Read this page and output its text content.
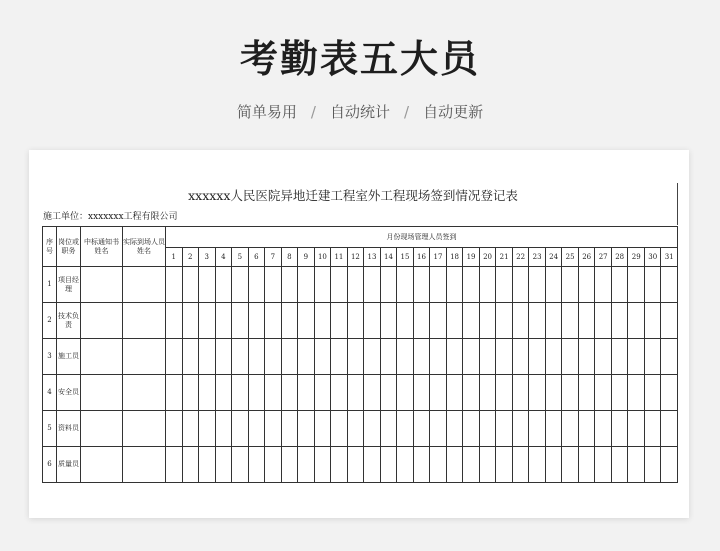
考勤表五大员
简单易用 / 自动统计 / 自动更新
xxxxxx人民医院异地迁建工程室外工程现场签到情况登记表
施工单位：xxxxxxx工程有限公司
序号	岗位或职务	中标通知书姓名	实际到场人员姓名	月份现场管理人员签到																														
				1	2	3	4	5	6	7	8	9	10	11	12	13	14	15	16	17	18	19	20	21	22	23	24	25	26	27	28	29	30	31
1	项目经理																																	
2	技术负责																																	
3	施工员																																	
4	安全员																																	
5	资料员																																	
6	质量员																																	
